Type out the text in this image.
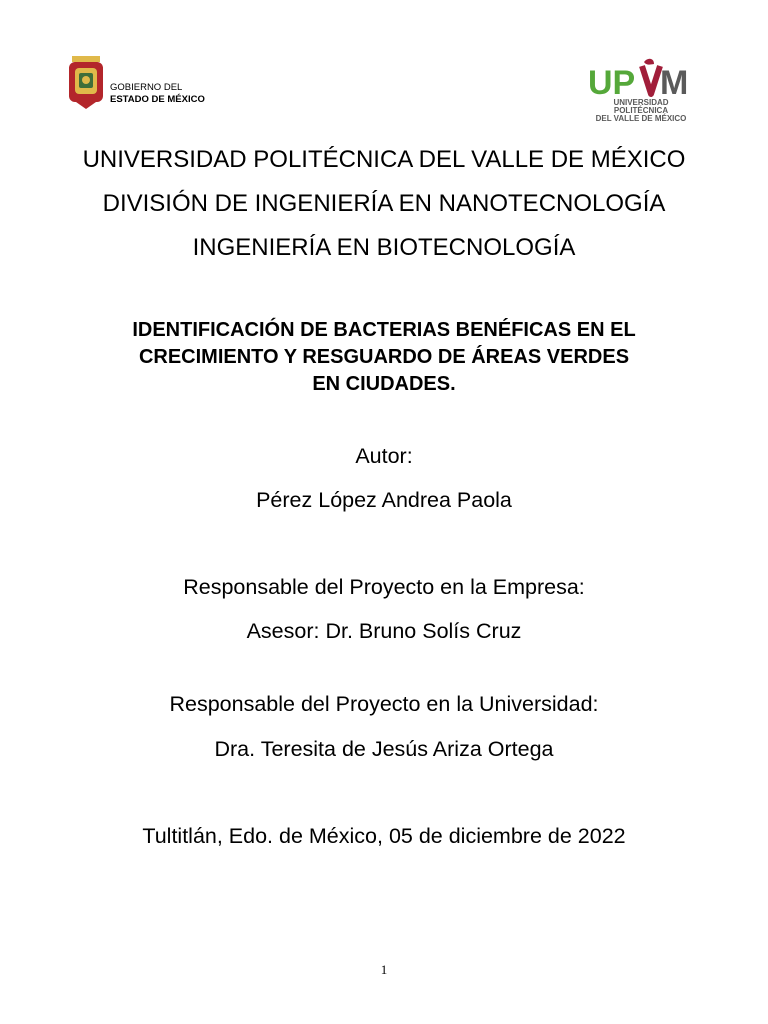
GOBIERNO DEL
ESTADO DE MÉXICO	UP M
UNIVERSIDAD POLITÉCNICA
DEL VALLE DE MÉXICO
UNIVERSIDAD POLITÉCNICA DEL VALLE DE MÉXICO
DIVISIÓN DE INGENIERÍA EN NANOTECNOLOGÍA
INGENIERÍA EN BIOTECNOLOGÍA
IDENTIFICACIÓN DE BACTERIAS BENÉFICAS EN EL
CRECIMIENTO Y RESGUARDO DE ÁREAS VERDES
EN CIUDADES.
Autor:
Pérez López Andrea Paola
Responsable del Proyecto en la Empresa:
Asesor: Dr. Bruno Solís Cruz
Responsable del Proyecto en la Universidad:
Dra. Teresita de Jesús Ariza Ortega
Tultitlán, Edo. de México, 05 de diciembre de 2022
1
